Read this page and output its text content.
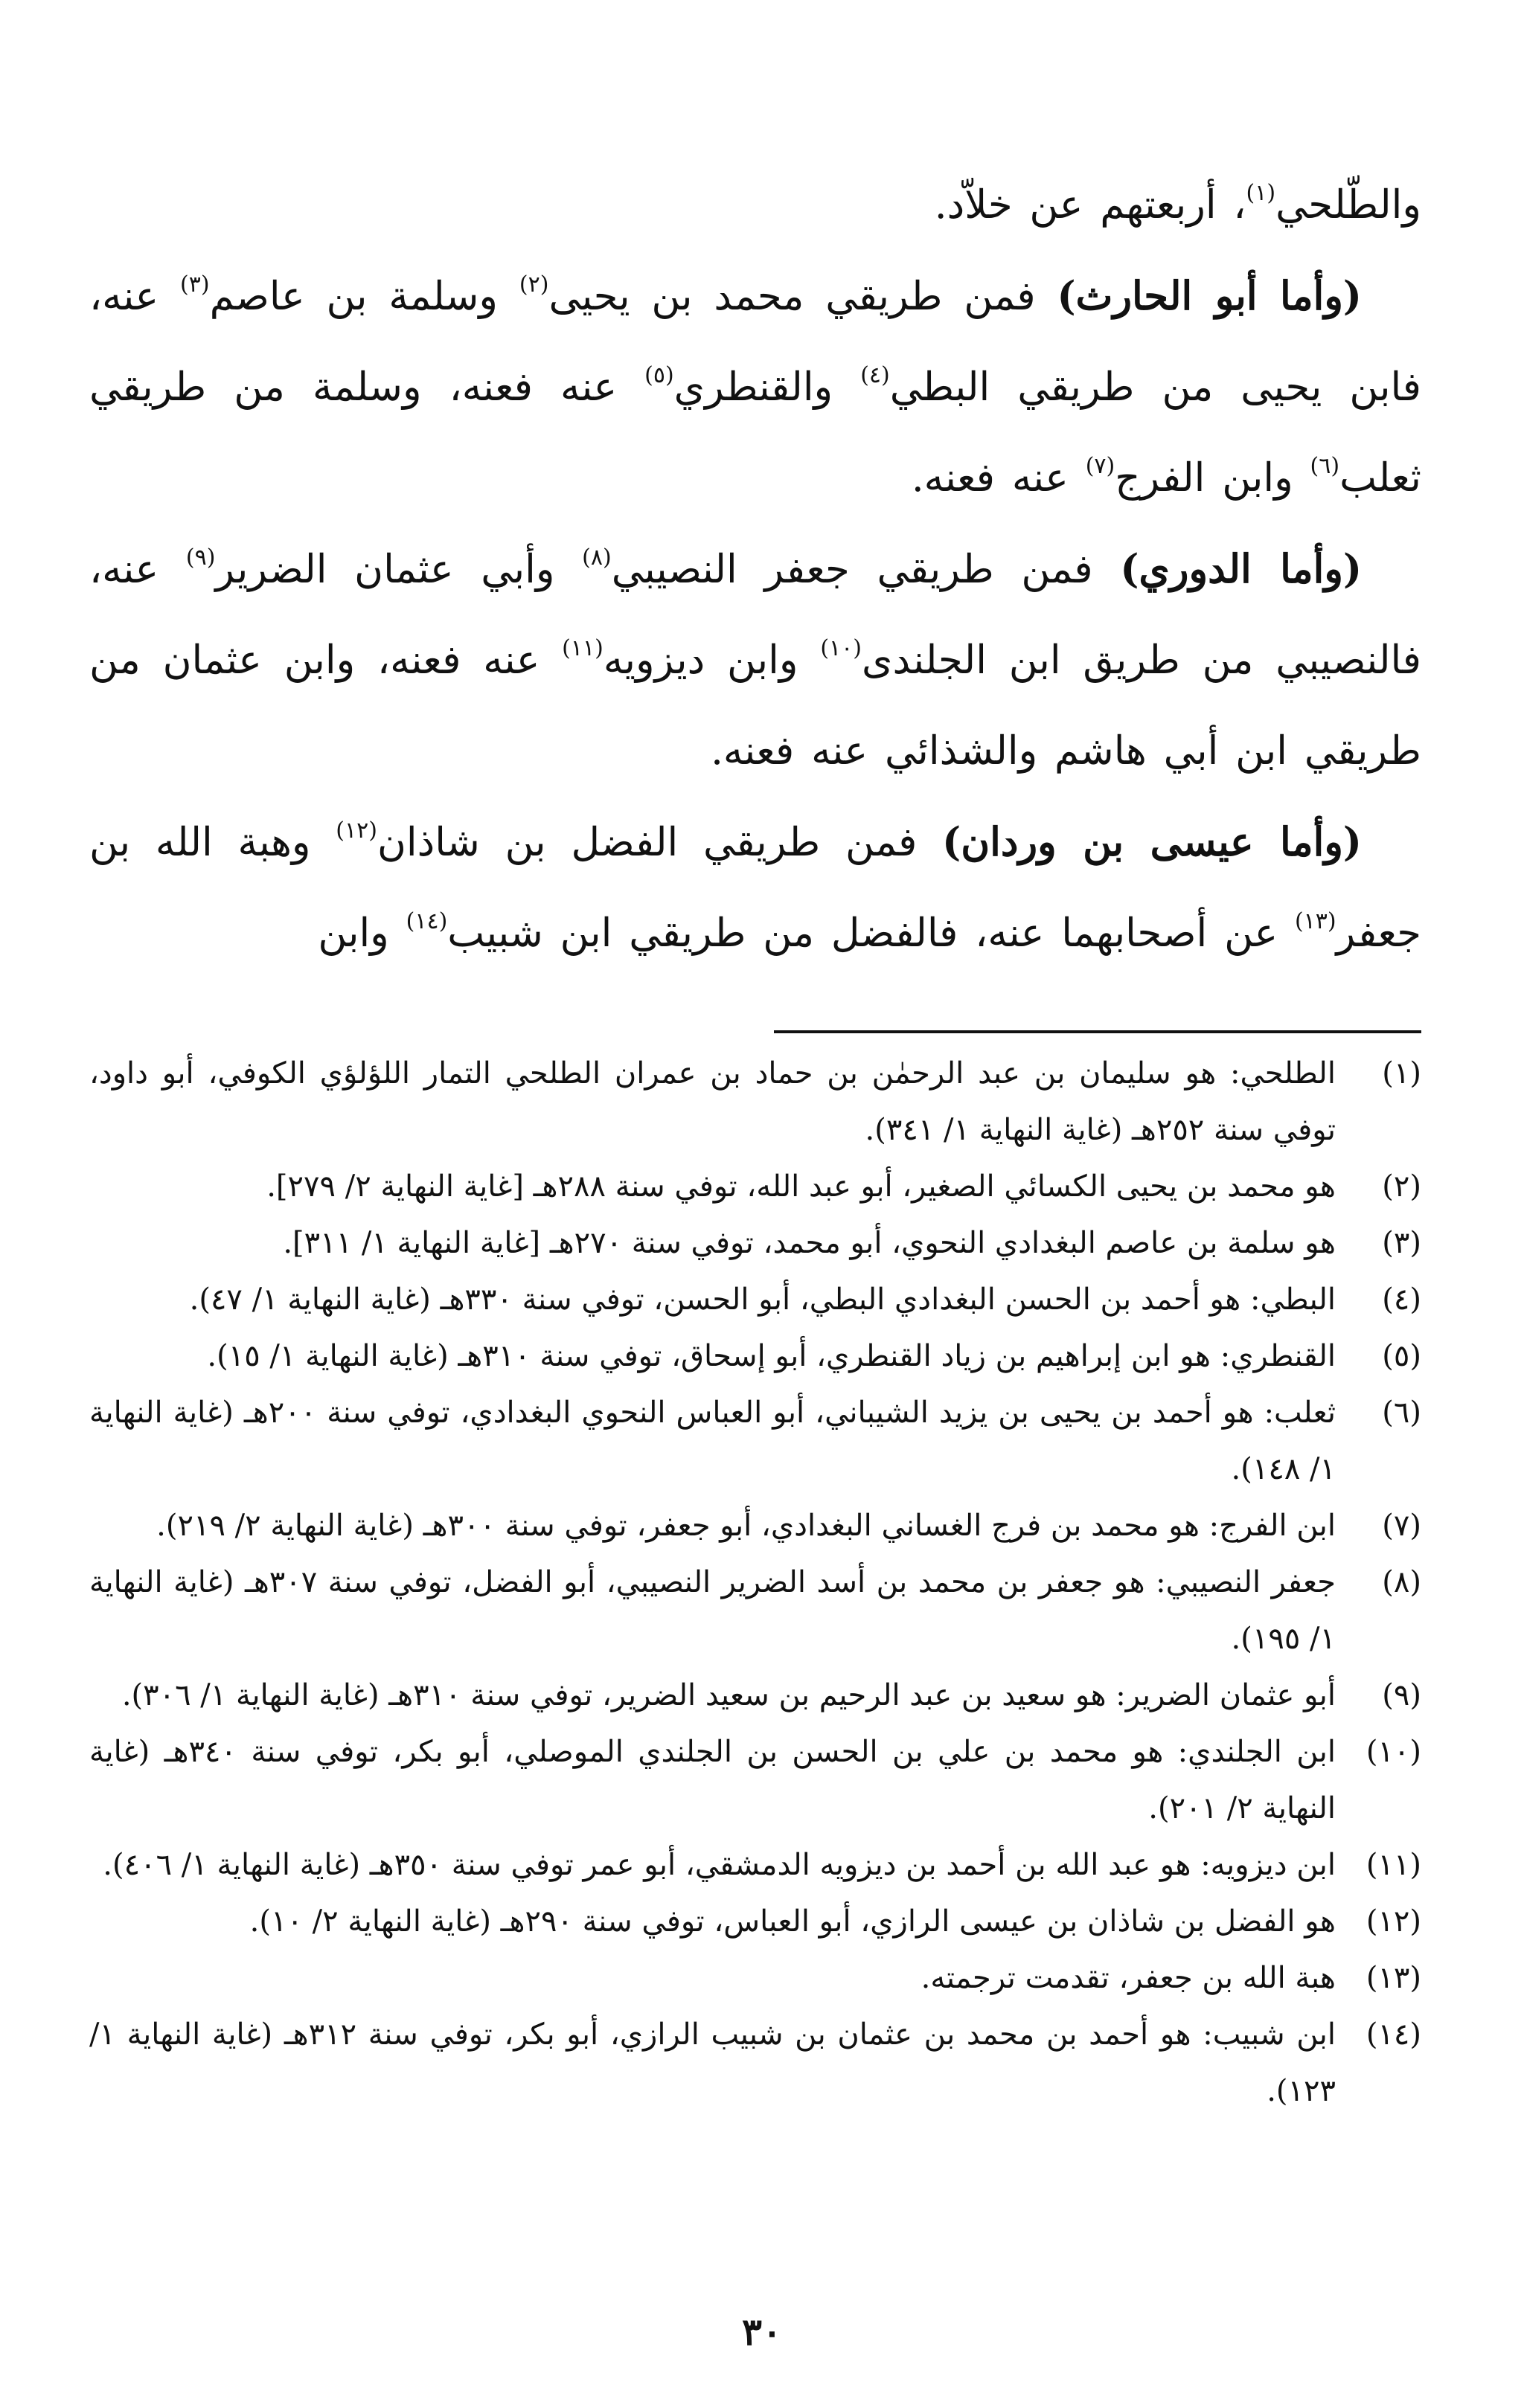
والطّلحي$^{(١)}$، أربعتهم عن خلاّد.

(وأما أبو الحارث) فمن طريقي محمد بن يحيى$^{(٢)}$ وسلمة بن عاصم$^{(٣)}$ عنه، فابن يحيى من طريقي البطي$^{(٤)}$ والقنطري$^{(٥)}$ عنه فعنه، وسلمة من طريقي ثعلب$^{(٦)}$ وابن الفرج$^{(٧)}$ عنه فعنه.

(وأما الدوري) فمن طريقي جعفر النصيبي$^{(٨)}$ وأبي عثمان الضرير$^{(٩)}$ عنه، فالنصيبي من طريق ابن الجلندى$^{(١٠)}$ وابن ديزويه$^{(١١)}$ عنه فعنه، وابن عثمان من طريقي ابن أبي هاشم والشذائي عنه فعنه.

(وأما عيسى بن وردان) فمن طريقي الفضل بن شاذان$^{(١٢)}$ وهبة الله بن جعفر$^{(١٣)}$ عن أصحابهما عنه، فالفضل من طريقي ابن شبيب$^{(١٤)}$ وابن

(١)
الطلحي: هو سليمان بن عبد الرحمٰن بن حماد بن عمران الطلحي التمار اللؤلؤي الكوفي، أبو داود، توفي سنة ٢٥٢هـ (غاية النهاية ١/ ٣٤١).

(٢)
هو محمد بن يحيى الكسائي الصغير، أبو عبد الله، توفي سنة ٢٨٨هـ [غاية النهاية ٢/ ٢٧٩].

(٣)
هو سلمة بن عاصم البغدادي النحوي، أبو محمد، توفي سنة ٢٧٠هـ [غاية النهاية ١/ ٣١١].

(٤)
البطي: هو أحمد بن الحسن البغدادي البطي، أبو الحسن، توفي سنة ٣٣٠هـ (غاية النهاية ١/ ٤٧).

(٥)
القنطري: هو ابن إبراهيم بن زياد القنطري، أبو إسحاق، توفي سنة ٣١٠هـ (غاية النهاية ١/ ١٥).

(٦)
ثعلب: هو أحمد بن يحيى بن يزيد الشيباني، أبو العباس النحوي البغدادي، توفي سنة ٢٠٠هـ (غاية النهاية ١/ ١٤٨).

(٧)
ابن الفرج: هو محمد بن فرج الغساني البغدادي، أبو جعفر، توفي سنة ٣٠٠هـ (غاية النهاية ٢/ ٢١٩).

(٨)
جعفر النصيبي: هو جعفر بن محمد بن أسد الضرير النصيبي، أبو الفضل، توفي سنة ٣٠٧هـ (غاية النهاية ١/ ١٩٥).

(٩)
أبو عثمان الضرير: هو سعيد بن عبد الرحيم بن سعيد الضرير، توفي سنة ٣١٠هـ (غاية النهاية ١/ ٣٠٦).

(١٠)
ابن الجلندي: هو محمد بن علي بن الحسن بن الجلندي الموصلي، أبو بكر، توفي سنة ٣٤٠هـ (غاية النهاية ٢/ ٢٠١).

(١١)
ابن ديزويه: هو عبد الله بن أحمد بن ديزويه الدمشقي، أبو عمر توفي سنة ٣٥٠هـ (غاية النهاية ١/ ٤٠٦).

(١٢)
هو الفضل بن شاذان بن عيسى الرازي، أبو العباس، توفي سنة ٢٩٠هـ (غاية النهاية ٢/ ١٠).

(١٣)
هبة الله بن جعفر، تقدمت ترجمته.

(١٤)
ابن شبيب: هو أحمد بن محمد بن عثمان بن شبيب الرازي، أبو بكر، توفي سنة ٣١٢هـ (غاية النهاية ١/ ١٢٣).

٣٠
